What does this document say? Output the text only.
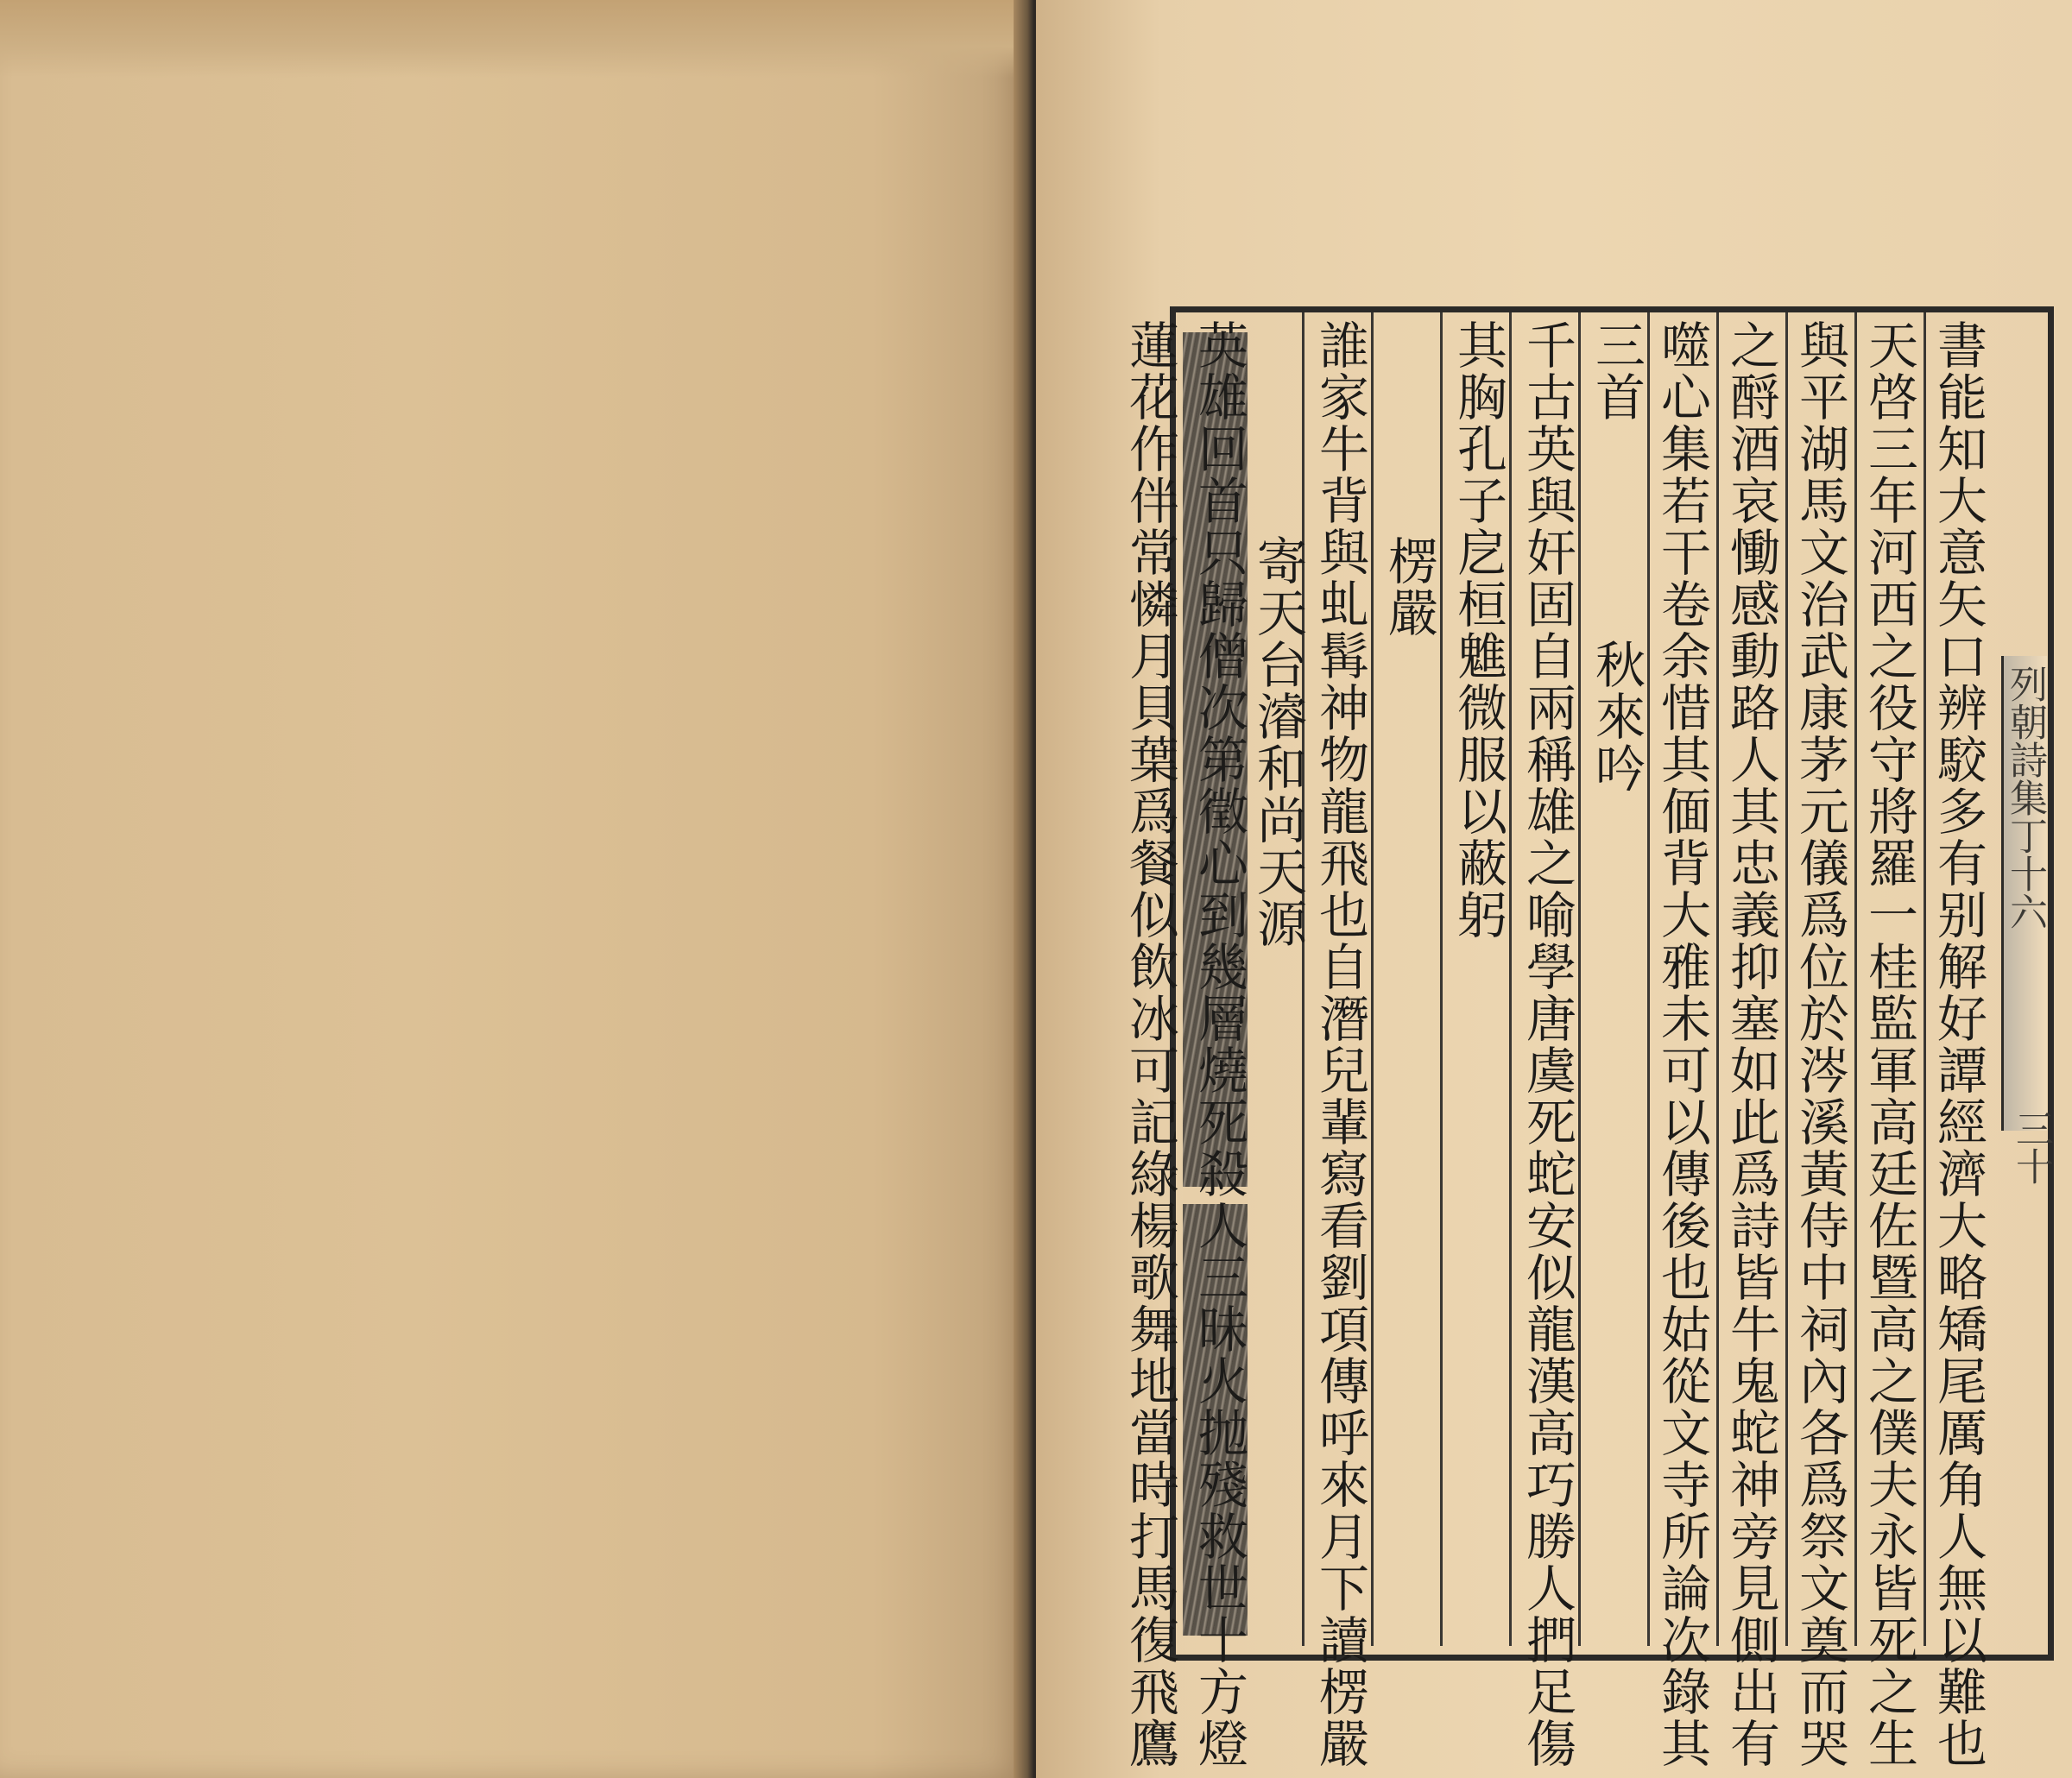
列朝詩集丁十六
三十
書能知大意矢口辨駮多有别解好譚經濟大略矯尾厲角人無以難也
天啓三年河西之役守將羅一桂監軍高廷佐暨高之僕夫永皆死之生
與平湖馬文治武康茅元儀爲位於涔溪黃侍中祠內各爲祭文奠而哭
之酹酒哀慟感動路人其忠義抑塞如此爲詩皆牛鬼蛇神旁見側出有
噬心集若干卷余惜其偭背大雅未可以傳後也姑從文寺所論次錄其
三首
　　秋來吟
千古英與奸固自兩稱雄之喻學唐虞死蛇安似龍漢高巧勝人捫足傷
其胸孔子戹桓魋微服以蔽躬
　　楞嚴
誰家牛背與虬髯神物龍飛也自潛兒輩寫看劉項傳呼來月下讀楞嚴
　　寄天台濬和尚天源
英雄回首只歸僧次第徵心到幾層燒死殺人三昧火抛殘救世十方燈
蓮花作伴常憐月貝葉爲餐似飲冰可記綠楊歌舞地當時打馬復飛鷹
